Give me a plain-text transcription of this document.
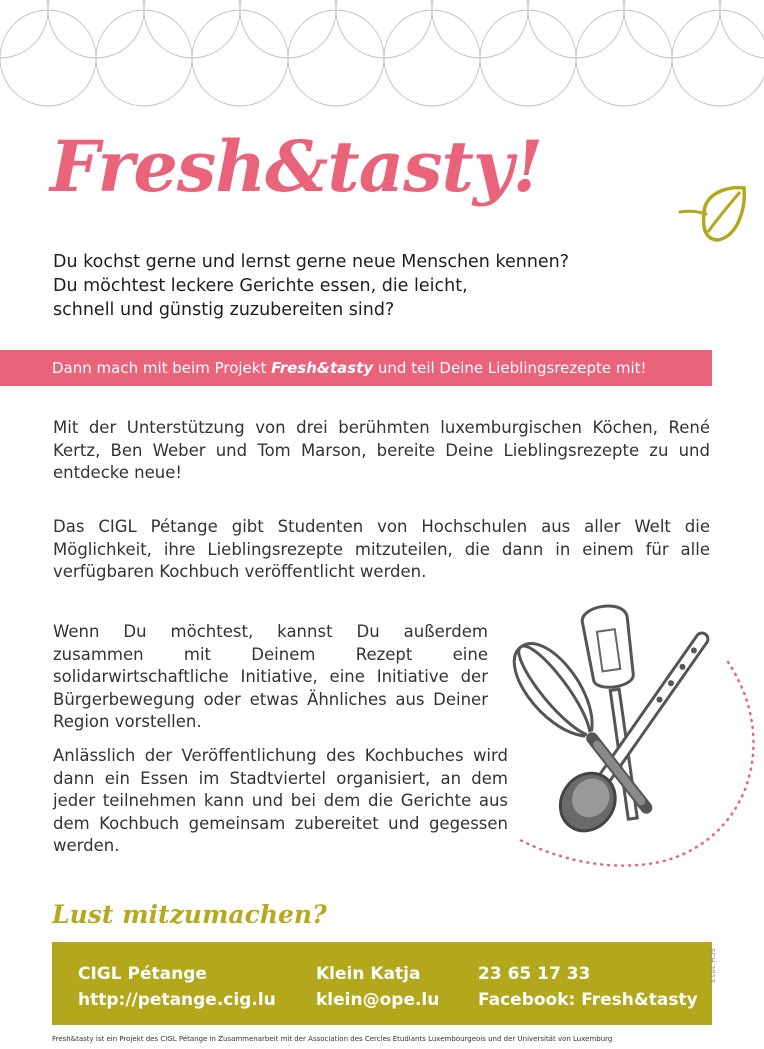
Fresh&tasty!
Du kochst gerne und lernst gerne neue Menschen kennen?
Du möchtest leckere Gerichte essen, die leicht,
schnell und günstig zuzubereiten sind?
Dann mach mit beim Projekt Fresh&tasty und teil Deine Lieblingsrezepte mit!

Mit der Unterstützung von drei berühmten luxemburgischen Köchen, René Kertz, Ben Weber und Tom Marson, bereite Deine Lieblingsrezepte zu und entdecke neue!

Das CIGL Pétange gibt Studenten von Hochschulen aus aller Welt die Möglichkeit, ihre Lieblingsrezepte mitzuteilen, die dann in einem für alle verfügbaren Kochbuch veröffentlicht werden.

Wenn Du möchtest, kannst Du außerdem zusammen mit Deinem Rezept eine solidarwirtschaftliche Initiative, eine Initiative der Bürgerbewegung oder etwas Ähnliches aus Deiner Region vorstellen.

Anlässlich der Veröffentlichung des Kochbuches wird dann ein Essen im Stadtviertel organisiert, an dem jeder teilnehmen kann und bei dem die Gerichte aus dem Kochbuch gemeinsam zubereitet und gegessen werden.

Lust mitzumachen?
CIGL Pétange
http://petange.cig.lu
Klein Katja
klein@ope.lu
23 65 17 33
Facebook: Fresh&tasty
SCH 2013
Fresh&tasty ist ein Projekt des CIGL Pétange in Zusammenarbeit mit der Association des Cercles Étudiants Luxembourgeois und der Universität von Luxemburg
